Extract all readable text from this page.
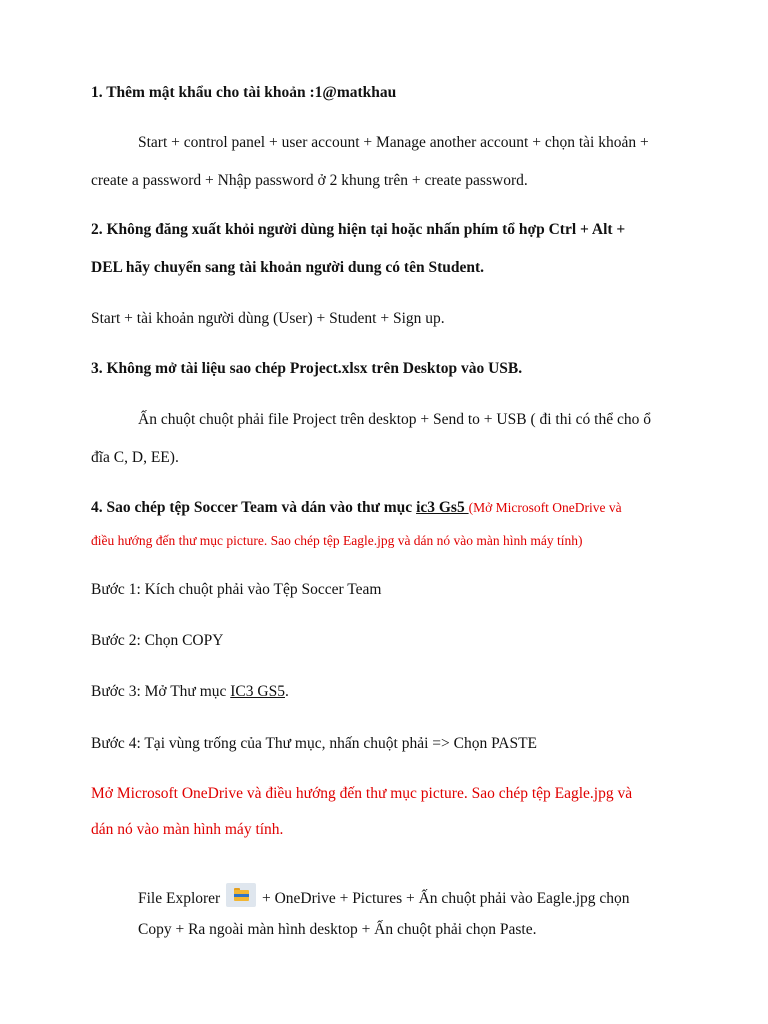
1. Thêm mật khẩu cho tài khoản :1@matkhau
Start + control panel + user account + Manage another account + chọn tài khoản +
create a password + Nhập password ở 2 khung trên + create password.
2. Không đăng xuất khỏi người dùng hiện tại hoặc nhấn phím tổ hợp Ctrl + Alt +
DEL hãy chuyển sang tài khoản người dung có tên Student.
Start + tài khoản người dùng (User) + Student + Sign up.
3. Không mở tài liệu sao chép Project.xlsx trên Desktop vào USB.
Ấn chuột chuột phải file Project trên desktop + Send to + USB ( đi thi có thể cho ổ
đĩa C, D, EE).
4. Sao chép tệp Soccer Team và dán vào thư mục ic3 Gs5 (Mở Microsoft OneDrive và
điều hướng đến thư mục picture. Sao chép tệp Eagle.jpg và dán nó vào màn hình máy tính)
Bước 1: Kích chuột phải vào Tệp Soccer Team
Bước 2: Chọn COPY
Bước 3: Mở Thư mục IC3 GS5.
Bước 4: Tại vùng trống của Thư mục, nhấn chuột phải => Chọn PASTE
Mở Microsoft OneDrive và điều hướng đến thư mục picture. Sao chép tệp Eagle.jpg và
dán nó vào màn hình máy tính.
File Explorer
+ OneDrive + Pictures + Ấn chuột phải vào Eagle.jpg chọn
Copy + Ra ngoài màn hình desktop + Ấn chuột phải chọn Paste.
